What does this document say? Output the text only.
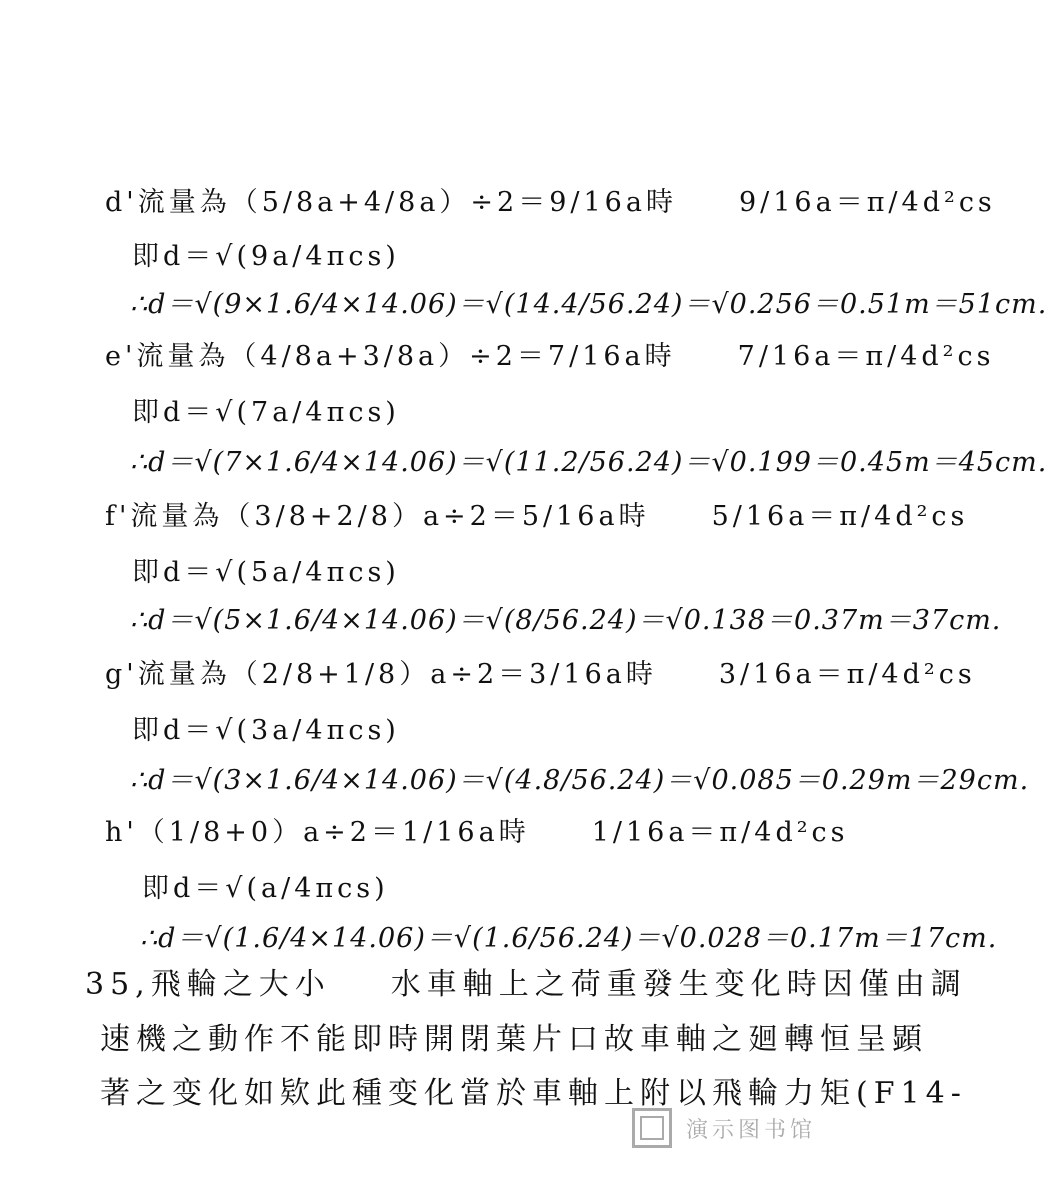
d'流量為（5/8a+4/8a）÷2＝9/16a時　　9/16a＝π/4d²cs
即d＝√(9a/4πcs)
∴d＝√(9×1.6/4×14.06)＝√(14.4/56.24)＝√0.256＝0.51m＝51cm.
e'流量為（4/8a+3/8a）÷2＝7/16a時　　7/16a＝π/4d²cs
即d＝√(7a/4πcs)
∴d＝√(7×1.6/4×14.06)＝√(11.2/56.24)＝√0.199＝0.45m＝45cm.
f'流量為（3/8+2/8）a÷2＝5/16a時　　5/16a＝π/4d²cs
即d＝√(5a/4πcs)
∴d＝√(5×1.6/4×14.06)＝√(8/56.24)＝√0.138＝0.37m＝37cm.
g'流量為（2/8+1/8）a÷2＝3/16a時　　3/16a＝π/4d²cs
即d＝√(3a/4πcs)
∴d＝√(3×1.6/4×14.06)＝√(4.8/56.24)＝√0.085＝0.29m＝29cm.
h'（1/8+0）a÷2＝1/16a時　　1/16a＝π/4d²cs
即d＝√(a/4πcs)
∴d＝√(1.6/4×14.06)＝√(1.6/56.24)＝√0.028＝0.17m＝17cm.
35,飛輪之大小 水車軸上之荷重發生变化時因僅由調
速機之動作不能即時開閉葉片口故車軸之廻轉恒呈顕
著之变化如欵此種变化當於車軸上附以飛輪力矩(F14-
演示图书馆
